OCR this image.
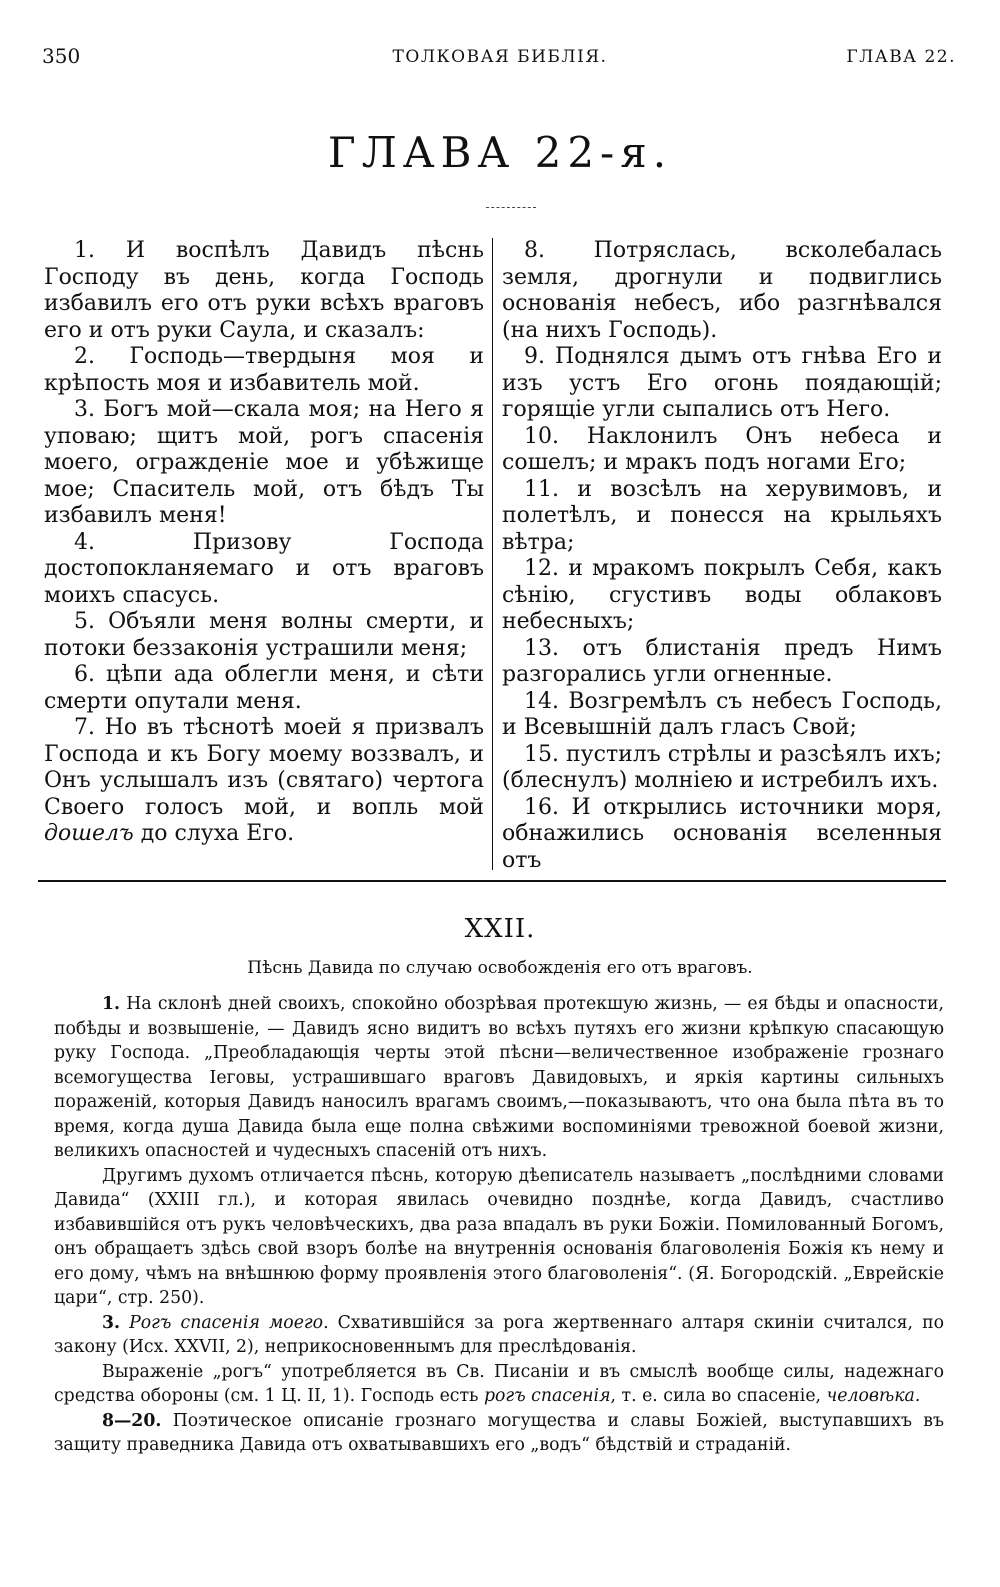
350	ТОЛКОВАЯ БИБЛІЯ.	ГЛАВА 22.
ГЛАВА 22-я.

1. И воспѣлъ Давидъ пѣснь Господу въ день, когда Господь избавилъ его отъ руки всѣхъ враговъ его и отъ руки Саула, и сказалъ:

2. Господь—твердыня моя и крѣпость моя и избавитель мой.

3. Богъ мой—скала моя; на Него я уповаю; щитъ мой, рогъ спасенія моего, огражденіе мое и убѣжище мое; Спаситель мой, отъ бѣдъ Ты избавилъ меня!

4. Призову Господа достопокланяемаго и отъ враговъ моихъ спасусь.

5. Объяли меня волны смерти, и потоки беззаконія устрашили меня;

6. цѣпи ада облегли меня, и сѣти смерти опутали меня.

7. Но въ тѣснотѣ моей я призвалъ Господа и къ Богу моему воззвалъ, и Онъ услышалъ изъ (святаго) чертога Своего голосъ мой, и вопль мой дошелъ до слуха Его.

8. Потряслась, всколебалась земля, дрогнули и подвиглись основанія небесъ, ибо разгнѣвался (на нихъ Господь).

9. Поднялся дымъ отъ гнѣва Его и изъ устъ Его огонь поядающій; горящіе угли сыпались отъ Него.

10. Наклонилъ Онъ небеса и сошелъ; и мракъ подъ ногами Его;

11. и возсѣлъ на херувимовъ, и полетѣлъ, и понесся на крыльяхъ вѣтра;

12. и мракомъ покрылъ Себя, какъ сѣнію, сгустивъ воды облаковъ небесныхъ;

13. отъ блистанія предъ Нимъ разгорались угли огненные.

14. Возгремѣлъ съ небесъ Господь, и Всевышній далъ гласъ Свой;

15. пустилъ стрѣлы и разсѣялъ ихъ; (блеснулъ) молніею и истребилъ ихъ.

16. И открылись источники моря, обнажились основанія вселенныя отъ

XXII.
Пѣснь Давида по случаю освобожденія его отъ враговъ.

1. На склонѣ дней своихъ, спокойно обозрѣвая протекшую жизнь, — ея бѣды и опасности, побѣды и возвышеніе, — Давидъ ясно видитъ во всѣхъ путяхъ его жизни крѣпкую спасающую руку Господа. „Преобладающія черты этой пѣсни—величественное изображеніе грознаго всемогущества Іеговы, устрашившаго враговъ Давидовыхъ, и яркія картины сильныхъ пораженій, которыя Давидъ наносилъ врагамъ своимъ,—показываютъ, что она была пѣта въ то время, когда душа Давида была еще полна свѣжими воспоминіями тревожной боевой жизни, великихъ опасностей и чудесныхъ спасеній отъ нихъ.

Другимъ духомъ отличается пѣснь, которую дѣеписатель называетъ „послѣдними словами Давида“ (XXIII гл.), и которая явилась очевидно позднѣе, когда Давидъ, счастливо избавившійся отъ рукъ человѣческихъ, два раза впадалъ въ руки Божіи. Помилованный Богомъ, онъ обращаетъ здѣсь свой взоръ болѣе на внутреннія основанія благоволенія Божія къ нему и его дому, чѣмъ на внѣшнюю форму проявленія этого благоволенія“. (Я. Богородскій. „Еврейскіе цари“, стр. 250).

3. Рогъ спасенія моего. Схватившійся за рога жертвеннаго алтаря скиніи считался, по закону (Исх. XXVII, 2), неприкосновеннымъ для преслѣдованія.

Выраженіе „рогъ“ употребляется въ Св. Писаніи и въ смыслѣ вообще силы, надежнаго средства обороны (см. 1 Ц. II, 1). Господь есть рогъ спасенія, т. е. сила во спасеніе, человѣка.

8—20. Поэтическое описаніе грознаго могущества и славы Божіей, выступавшихъ въ защиту праведника Давида отъ охватывавшихъ его „водъ“ бѣдствій и страданій.
